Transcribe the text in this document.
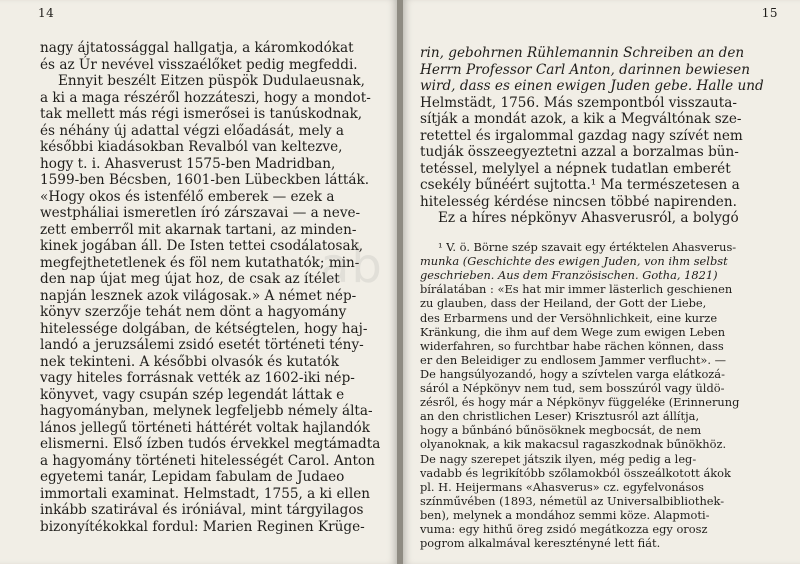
14
nagy ájtatossággal hallgatja, a káromkodókat
és az Úr nevével visszaélőket pedig megfeddi.
Ennyit beszélt Eitzen püspök Dudulaeusnak,
a ki a maga részéről hozzáteszi, hogy a mondot-
tak mellett más régi ismerősei is tanúskodnak,
és néhány új adattal végzi előadását, mely a
későbbi kiadásokban Revalból van keltezve,
hogy t. i. Ahasverust 1575-ben Madridban,
1599-ben Bécsben, 1601-ben Lübeckben látták.
«Hogy okos és istenfélő emberek — ezek a
westpháliai ismeretlen író zárszavai — a neve-
zett emberről mit akarnak tartani, az minden-
kinek jogában áll. De Isten tettei csodálatosak,
megfejthetetlenek és föl nem kutathatók; min-
den nap újat meg újat hoz, de csak az ítélet
napján lesznek azok világosak.» A német nép-
könyv szerzője tehát nem dönt a hagyomány
hitelessége dolgában, de kétségtelen, hogy haj-
landó a jeruzsálemi zsidó esetét történeti tény-
nek tekinteni. A későbbi olvasók és kutatók
vagy hiteles forrásnak vették az 1602-iki nép-
könyvet, vagy csupán szép legendát láttak e
hagyományban, melynek legfeljebb némely álta-
lános jellegű történeti háttérét voltak hajlandók
elismerni. Első ízben tudós érvekkel megtámadta
a hagyomány történeti hitelességét Carol. Anton
egyetemi tanár, Lepidam fabulam de Judaeo
immortali examinat. Helmstadt, 1755, a ki ellen
inkább szatirával és iróniával, mint tárgyilagos
bizonyítékokkal fordul: Marien Reginen Krüge-
15
rin, gebohrnen Rühlemannin Schreiben an den
Herrn Professor Carl Anton, darinnen bewiesen
wird, dass es einen ewigen Juden gebe. Halle und
Helmstädt, 1756. Más szempontból visszauta-
sítják a mondát azok, a kik a Megváltónak sze-
retettel és irgalommal gazdag nagy szívét nem
tudják összeegyeztetni azzal a borzalmas bün-
tetéssel, melylyel a népnek tudatlan emberét
csekély bűnéért sujtotta.¹ Ma természetesen a
hitelesség kérdése nincsen többé napirenden.
Ez a híres népkönyv Ahasverusról, a bolygó
¹ V. ö. Börne szép szavait egy értéktelen Ahasverus-
munka (Geschichte des ewigen Juden, von ihm selbst
geschrieben. Aus dem Französischen. Gotha, 1821)
bírálatában : «Es hat mir immer lästerlich geschienen
zu glauben, dass der Heiland, der Gott der Liebe,
des Erbarmens und der Versöhnlichkeit, eine kurze
Kränkung, die ihm auf dem Wege zum ewigen Leben
widerfahren, so furchtbar habe rächen können, dass
er den Beleidiger zu endlosem Jammer verflucht». —
De hangsúlyozandó, hogy a szívtelen varga elátkozá-
sáról a Népkönyv nem tud, sem bosszúról vagy üldö-
zésről, és hogy már a Népkönyv függeléke (Erinnerung
an den christlichen Leser) Krisztusról azt állítja,
hogy a bűnbánó bűnösöknek megbocsát, de nem
olyanoknak, a kik makacsul ragaszkodnak bűnökhöz.
De nagy szerepet játszik ilyen, még pedig a leg-
vadabb és legrikítóbb szőlamokból összeálkotott ákok
pl. H. Heijermans «Ahasverus» cz. egyfelvonásos
színművében (1893, németül az Universalbibliothek-
ben), melynek a mondához semmi köze. Alapmoti-
vuma: egy hithű öreg zsidó megátkozza egy orosz
pogrom alkalmával keresztényné lett fiát.
